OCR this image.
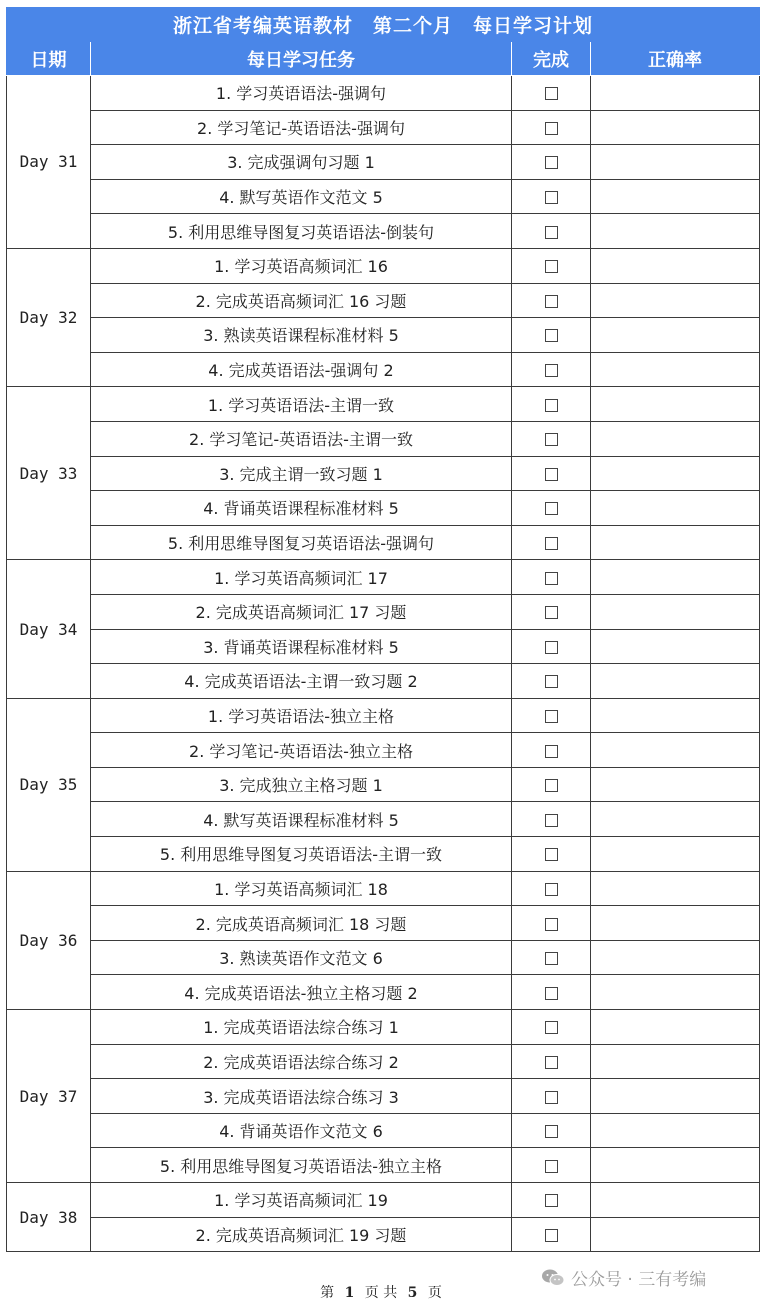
浙江省考编英语教材　第二个月　每日学习计划			
日期	每日学习任务	完成	正确率
Day 31	1. 学习英语语法-强调句		
	2. 学习笔记-英语语法-强调句		
	3. 完成强调句习题 1		
	4. 默写英语作文范文 5		
	5. 利用思维导图复习英语语法-倒装句		
Day 32	1. 学习英语高频词汇 16		
	2. 完成英语高频词汇 16 习题		
	3. 熟读英语课程标准材料 5		
	4. 完成英语语法-强调句 2		
Day 33	1. 学习英语语法-主谓一致		
	2. 学习笔记-英语语法-主谓一致		
	3. 完成主谓一致习题 1		
	4. 背诵英语课程标准材料 5		
	5. 利用思维导图复习英语语法-强调句		
Day 34	1. 学习英语高频词汇 17		
	2. 完成英语高频词汇 17 习题		
	3. 背诵英语课程标准材料 5		
	4. 完成英语语法-主谓一致习题 2		
Day 35	1. 学习英语语法-独立主格		
	2. 学习笔记-英语语法-独立主格		
	3. 完成独立主格习题 1		
	4. 默写英语课程标准材料 5		
	5. 利用思维导图复习英语语法-主谓一致		
Day 36	1. 学习英语高频词汇 18		
	2. 完成英语高频词汇 18 习题		
	3. 熟读英语作文范文 6		
	4. 完成英语语法-独立主格习题 2		
Day 37	1. 完成英语语法综合练习 1		
	2. 完成英语语法综合练习 2		
	3. 完成英语语法综合练习 3		
	4. 背诵英语作文范文 6		
	5. 利用思维导图复习英语语法-独立主格		
Day 38	1. 学习英语高频词汇 19		
	2. 完成英语高频词汇 19 习题		
公众号 · 三有考编
第 1 页 共 5 页
